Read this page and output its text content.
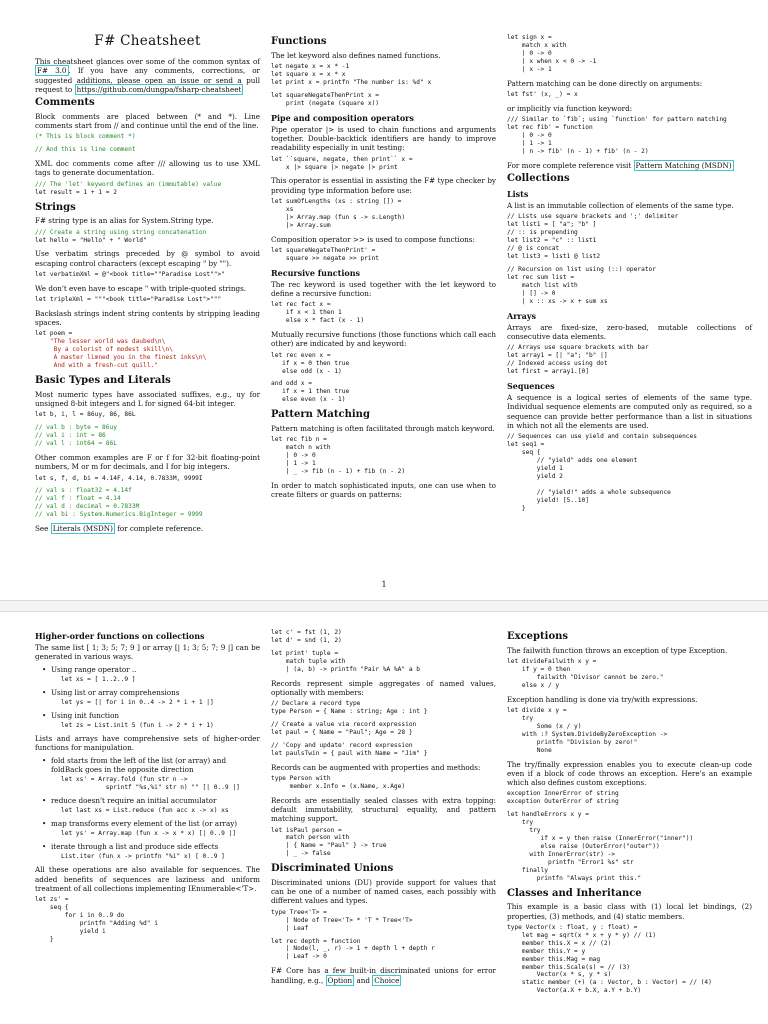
F# Cheatsheet

This cheatsheet glances over some of the common syntax of F# 3.0 . If you have any comments, corrections, or suggested additions, please open an issue or send a pull request to https://github.com/dungpa/fsharp-cheatsheet

Comments

Block comments are placed between (* and *). Line comments start from // and continue until the end of the line.

(* This is block comment *)
// And this is line comment

XML doc comments come after /// allowing us to use XML tags to generate documentation.

/// The 'let' keyword defines an (immutable) value
let result = 1 + 1 = 2
Strings

F# string type is an alias for System.String type.

/// Create a string using string concatenation
let hello = "Hello" + " World"

Use verbatim strings preceded by @ symbol to avoid escaping control characters (except escaping " by "").

let verbatimXml = @"<book title=""Paradise Lost"">"

We don't even have to escape " with triple-quoted strings.

let tripleXml = """<book title="Paradise Lost">"""

Backslash strings indent string contents by stripping leading spaces.

let poem =
"The lesser world was daubed\n\
By a colorist of modest skill\n\
A master limned you in the finest inks\n\
And with a fresh-cut quill."
Basic Types and Literals

Most numeric types have associated suffixes, e.g., uy for unsigned 8-bit integers and L for signed 64-bit integer.

let b, i, l = 86uy, 86, 86L
// val b : byte = 86uy
// val i : int = 86
// val l : int64 = 86L

Other common examples are F or f for 32-bit floating-point numbers, M or m for decimals, and I for big integers.

let s, f, d, bi = 4.14F, 4.14, 0.7833M, 9999I
// val s : float32 = 4.14f
// val f : float = 4.14
// val d : decimal = 0.7833M
// val bi : System.Numerics.BigInteger = 9999

See Literals (MSDN) for complete reference.

Functions

The let keyword also defines named functions.

let negate x = x * -1
let square x = x * x
let print x = printfn "The number is: %d" x
let squareNegateThenPrint x =
print (negate (square x))
Pipe and composition operators

Pipe operator |> is used to chain functions and arguments together. Double-backtick identifiers are handy to improve readability especially in unit testing:

let ``square, negate, then print`` x =
x |> square |> negate |> print

This operator is essential in assisting the F# type checker by providing type information before use:

let sumOfLengths (xs : string []) =
xs
|> Array.map (fun s -> s.Length)
|> Array.sum

Composition operator >> is used to compose functions:

let squareNegateThenPrint' =
square >> negate >> print
Recursive functions

The rec keyword is used together with the let keyword to define a recursive function:

let rec fact x =
if x < 1 then 1
else x * fact (x - 1)

Mutually recursive functions (those functions which call each other) are indicated by and keyword:

let rec even x =
if x = 0 then true
else odd (x - 1)
and odd x =
if x = 1 then true
else even (x - 1)
Pattern Matching

Pattern matching is often facilitated through match keyword.

let rec fib n =
match n with
| 0 -> 0
| 1 -> 1
| _ -> fib (n - 1) + fib (n - 2)

In order to match sophisticated inputs, one can use when to create filters or guards on patterns:

let sign x =
match x with
| 0 -> 0
| x when x < 0 -> -1
| x -> 1

Pattern matching can be done directly on arguments:

let fst' (x, _) = x

or implicitly via function keyword:

/// Similar to `fib`; using `function' for pattern matching
let rec fib' = function
| 0 -> 0
| 1 -> 1
| n -> fib' (n - 1) + fib' (n - 2)

For more complete reference visit Pattern Matching (MSDN)

Collections
Lists

A list is an immutable collection of elements of the same type.

// Lists use square brackets and ';' delimiter
let list1 = [ "a"; "b" ]
// :: is prepending
let list2 = "c" :: list1
// @ is concat
let list3 = list1 @ list2
// Recursion on list using (::) operator
let rec sum list =
match list with
| [] -> 0
| x :: xs -> x + sum xs
Arrays

Arrays are fixed-size, zero-based, mutable collections of consecutive data elements.

// Arrays use square brackets with bar
let array1 = [| "a"; "b" |]
// Indexed access using dot
let first = array1.[0]
Sequences

A sequence is a logical series of elements of the same type. Individual sequence elements are computed only as required, so a sequence can provide better performance than a list in situations in which not all the elements are used.

// Sequences can use yield and contain subsequences
let seq1 =
seq {
// "yield" adds one element
yield 1
yield 2

// "yield!" adds a whole subsequence
yield! [5..10]
}
1
Higher-order functions on collections

The same list [ 1; 3; 5; 7; 9 ] or array [| 1; 3; 5; 7; 9 |] can be generated in various ways.

• Using range operator ..
let xs = [ 1..2..9 ]
• Using list or array comprehensions
let ys = [| for i in 0..4 -> 2 * i + 1 |]
• Using init function
let zs = List.init 5 (fun i -> 2 * i + 1)

Lists and arrays have comprehensive sets of higher-order functions for manipulation.

• fold starts from the left of the list (or array) and foldBack goes in the opposite direction
let xs' = Array.fold (fun str n ->
sprintf "%s,%i" str n) "" [| 0..9 |]
• reduce doesn't require an initial accumulator
let last xs = List.reduce (fun acc x -> x) xs
• map transforms every element of the list (or array)
let ys' = Array.map (fun x -> x * x) [| 0..9 |]
• iterate through a list and produce side effects
List.iter (fun x -> printfn "%i" x) [ 0..9 ]

All these operations are also available for sequences. The added benefits of sequences are laziness and uniform treatment of all collections implementing IEnumerable<'T>.

let zs' =
seq {
for i in 0..9 do
printfn "Adding %d" i
yield i
}
let c' = fst (1, 2)
let d' = snd (1, 2)
let print' tuple =
match tuple with
| (a, b) -> printfn "Pair %A %A" a b

Records represent simple aggregates of named values, optionally with members:

// Declare a record type
type Person = { Name : string; Age : int }
// Create a value via record expression
let paul = { Name = "Paul"; Age = 28 }
// 'Copy and update' record expression
let paulsTwin = { paul with Name = "Jim" }

Records can be augmented with properties and methods:

type Person with
member x.Info = (x.Name, x.Age)

Records are essentially sealed classes with extra topping: default immutability, structural equality, and pattern matching support.

let isPaul person =
match person with
| { Name = "Paul" } -> true
| _ -> false
Discriminated Unions

Discriminated unions (DU) provide support for values that can be one of a number of named cases, each possibly with different values and types.

type Tree<'T> =
| Node of Tree<'T> * 'T * Tree<'T>
| Leaf
let rec depth = function
| Node(l, _, r) -> 1 + depth l + depth r
| Leaf -> 0

F# Core has a few built-in discriminated unions for error handling, e.g., Option and Choice

Exceptions

The failwith function throws an exception of type Exception.

let divideFailwith x y =
if y = 0 then
failwith "Divisor cannot be zero."
else x / y

Exception handling is done via try/with expressions.

let divide x y =
try
Some (x / y)
with :? System.DivideByZeroException ->
printfn "Division by zero!"
None

The try/finally expression enables you to execute clean-up code even if a block of code throws an exception. Here's an example which also defines custom exceptions.

exception InnerError of string
exception OuterError of string
let handleErrors x y =
try
try
if x = y then raise (InnerError("inner"))
else raise (OuterError("outer"))
with InnerError(str) ->
printfn "Error1 %s" str
finally
printfn "Always print this."
Classes and Inheritance

This example is a basic class with (1) local let bindings, (2) properties, (3) methods, and (4) static members.

type Vector(x : float, y : float) =
let mag = sqrt(x * x + y * y) // (1)
member this.X = x // (2)
member this.Y = y
member this.Mag = mag
member this.Scale(s) = // (3)
Vector(x * s, y * s)
static member (+) (a : Vector, b : Vector) = // (4)
Vector(a.X + b.X, a.Y + b.Y)
